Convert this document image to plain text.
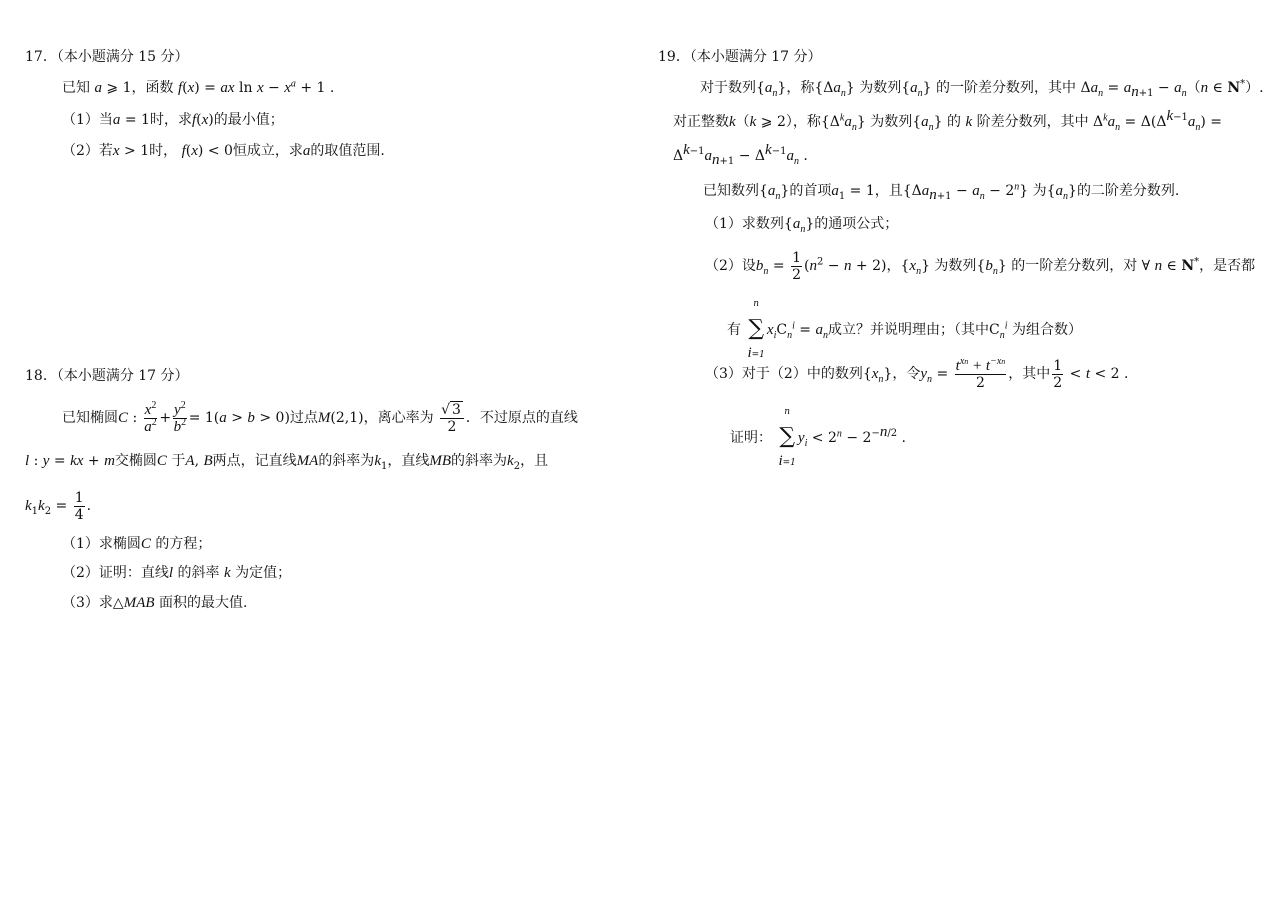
17．（本小题满分 15 分）
已知 a ⩾ 1，函数 f(x) = ax $\ln x - x^a + 1$ .
（1）当a = 1时，求f(x)的最小值；
（2）若x > 1时， f(x) < 0恒成立，求a的取值范围.
18．（本小题满分 17 分）
已知椭圆C : $\frac{x^2}{a^2} + \frac{y^2}{b^2} = 1(a > b > 0)$过点M(2,1)，离心率为 $\frac{√ 3}{2}$ ．不过原点的直线
l : y = kx + m交椭圆C 于A, B两点，记直线MA的斜率为$k_1$，直线MB的斜率为$k_2$，且
$k_1k_2 = \frac{1}{4}$ .
（1）求椭圆C 的方程；
（2）证明：直线l 的斜率 k 为定值；
（3）求△MAB 面积的最大值.
19．（本小题满分 17 分）
对于数列$\{a_n\}$，称$\{\Delta a_n\}$ 为数列$\{a_n\}$ 的一阶差分数列，其中 $\Delta a_n = a_{n+1} - a_n(n$ ∈ N*）.
对正整数k（k ⩾ 2），称$\{\Delta^ka_n\}$ 为数列$\{a_n\}$ 的 k 阶差分数列，其中 $\Delta^ka_n = \Delta(\Delta^{k-1}a_n)$ =
$\Delta^{k-1}a_{n+1} - \Delta^{k-1}a_n$ .
已知数列$\{a_n\}$的首项$a_1 = 1$，且$\{\Delta a_{n+1} - a_n - 2^n\}$ 为$\{a_n\}$的二阶差分数列.
（1）求数列$\{a_n\}$的通项公式；
（2）设$b_n = \frac{1}{2} (n^2 - n + 2)$，$\{x_n\}$ 为数列$\{b_n\}$ 的一阶差分数列，对 ∀ n ∈ N*，是否都
有
n
∑
i=1
$x_iC_n^i = a_n$成立？并说明理由；（其中$C_n^i$ 为组合数）
（3）对于（2）中的数列$\{x_n\}$，令$y_n = \frac{t^{xn} + t^{-xn}}{2}$ ，其中 $\frac{1}{2} < t < 2$ .
证明：
n
∑
i=1
$y_i < 2^n - 2^{-n/2}$ .
